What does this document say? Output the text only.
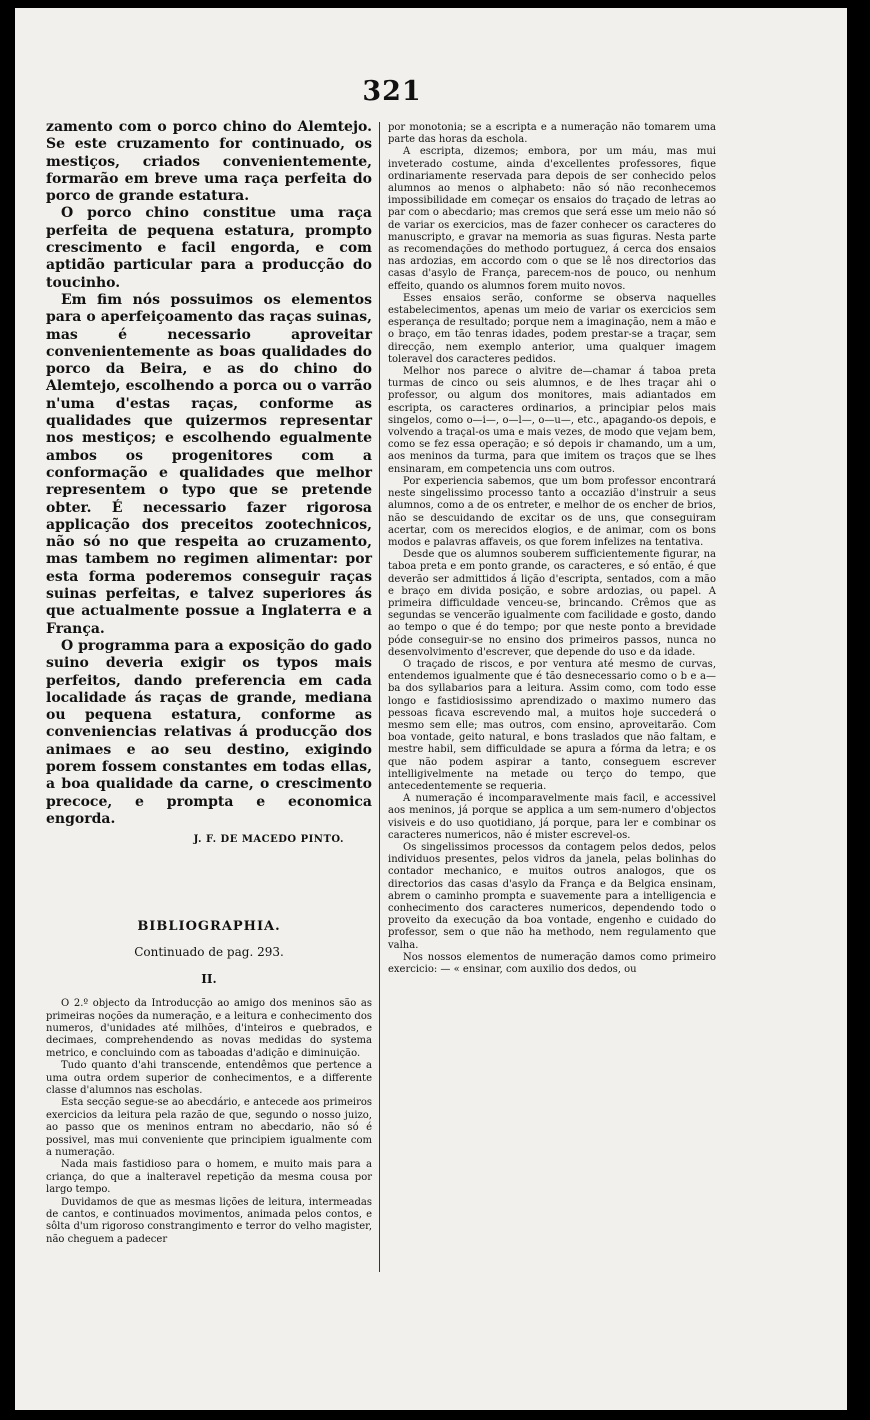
321

zamento com o porco chino do Alemtejo. Se este cruzamento for continuado, os mestiços, criados convenientemente, formarão em breve uma raça perfeita do porco de grande estatura.

O porco chino constitue uma raça perfeita de pequena estatura, prompto crescimento e facil engorda, e com aptidão particular para a producção do toucinho.

Em fim nós possuimos os elementos para o aperfeiçoamento das raças suinas, mas é necessario aproveitar convenientemente as boas qualidades do porco da Beira, e as do chino do Alemtejo, escolhendo a porca ou o varrão n'uma d'estas raças, conforme as qualidades que quizermos representar nos mestiços; e escolhendo egualmente ambos os progenitores com a conformação e qualidades que melhor representem o typo que se pretende obter. É necessario fazer rigorosa applicação dos preceitos zootechnicos, não só no que respeita ao cruzamento, mas tambem no regimen alimentar: por esta forma poderemos conseguir raças suinas perfeitas, e talvez superiores ás que actualmente possue a Inglaterra e a França.

O programma para a exposição do gado suino deveria exigir os typos mais perfeitos, dando preferencia em cada localidade ás raças de grande, mediana ou pequena estatura, conforme as conveniencias relativas á producção dos animaes e ao seu destino, exigindo porem fossem constantes em todas ellas, a boa qualidade da carne, o crescimento precoce, e prompta e economica engorda.

J. F. DE MACEDO PINTO.
BIBLIOGRAPHIA.
Continuado de pag. 293.
II.

O 2.º objecto da Introducção ao amigo dos meninos são as primeiras noções da numeração, e a leitura e conhecimento dos numeros, d'unidades até milhões, d'inteiros e quebrados, e decimaes, comprehendendo as novas medidas do systema metrico, e concluindo com as taboadas d'adição e diminuição.

Tudo quanto d'ahi transcende, entendêmos que pertence a uma outra ordem superior de conhecimentos, e a differente classe d'alumnos nas escholas.

Esta secção segue-se ao abecdário, e antecede aos primeiros exercicios da leitura pela razão de que, segundo o nosso juizo, ao passo que os meninos entram no abecdario, não só é possivel, mas mui conveniente que principiem igualmente com a numeração.

Nada mais fastidioso para o homem, e muito mais para a criança, do que a inalteravel repetição da mesma cousa por largo tempo.

Duvidamos de que as mesmas lições de leitura, intermeadas de cantos, e continuados movimentos, animada pelos contos, e sôlta d'um rigoroso constrangimento e terror do velho magister, não cheguem a padecer

por monotonia; se a escripta e a numeração não tomarem uma parte das horas da eschola.

A escripta, dizemos; embora, por um máu, mas mui inveterado costume, ainda d'excellentes professores, fique ordinariamente reservada para depois de ser conhecido pelos alumnos ao menos o alphabeto: não só não reconhecemos impossibilidade em começar os ensaios do traçado de letras ao par com o abecdario; mas cremos que será esse um meio não só de variar os exercicios, mas de fazer conhecer os caracteres do manuscripto, e gravar na memoria as suas figuras. Nesta parte as recomendações do methodo portuguez, á cerca dos ensaios nas ardozias, em accordo com o que se lê nos directorios das casas d'asylo de França, parecem-nos de pouco, ou nenhum effeito, quando os alumnos forem muito novos.

Esses ensaios serão, conforme se observa naquelles estabelecimentos, apenas um meio de variar os exercicios sem esperança de resultado; porque nem a imaginação, nem a mão e o braço, em tão tenras idades, podem prestar-se a traçar, sem direcção, nem exemplo anterior, uma qualquer imagem toleravel dos caracteres pedidos.

Melhor nos parece o alvitre de—chamar á taboa preta turmas de cinco ou seis alumnos, e de lhes traçar ahi o professor, ou algum dos monitores, mais adiantados em escripta, os caracteres ordinarios, a principiar pelos mais singelos, como o—i—, o—l—, o—u—, etc., apagando-os depois, e volvendo a traçal-os uma e mais vezes, de modo que vejam bem, como se fez essa operação; e só depois ir chamando, um a um, aos meninos da turma, para que imitem os traços que se lhes ensinaram, em competencia uns com outros.

Por experiencia sabemos, que um bom professor encontrará neste singelissimo processo tanto a occazião d'instruir a seus alumnos, como a de os entreter, e melhor de os encher de brios, não se descuidando de excitar os de uns, que conseguiram acertar, com os merecidos elogios, e de animar, com os bons modos e palavras affaveis, os que forem infelizes na tentativa.

Desde que os alumnos souberem sufficientemente figurar, na taboa preta e em ponto grande, os caracteres, e só então, é que deverão ser admittidos á lição d'escripta, sentados, com a mão e braço em divida posição, e sobre ardozias, ou papel. A primeira difficuldade venceu-se, brincando. Crêmos que as segundas se vencerão igualmente com facilidade e gosto, dando ao tempo o que é do tempo; por que neste ponto a brevidade póde conseguir-se no ensino dos primeiros passos, nunca no desenvolvimento d'escrever, que depende do uso e da idade.

O traçado de riscos, e por ventura até mesmo de curvas, entendemos igualmente que é tão desnecessario como o b e a—ba dos syllabarios para a leitura. Assim como, com todo esse longo e fastidiosissimo aprendizado o maximo numero das pessoas ficava escrevendo mal, a muitos hoje succederá o mesmo sem elle; mas outros, com ensino, aproveitarão. Com boa vontade, geito natural, e bons traslados que não faltam, e mestre habil, sem difficuldade se apura a fórma da letra; e os que não podem aspirar a tanto, conseguem escrever intelligivelmente na metade ou terço do tempo, que antecedentemente se requeria.

A numeração é incomparavelmente mais facil, e accessivel aos meninos, já porque se applica a um sem-numero d'objectos visiveis e do uso quotidiano, já porque, para ler e combinar os caracteres numericos, não é mister escrevel-os.

Os singelissimos processos da contagem pelos dedos, pelos individuos presentes, pelos vidros da janela, pelas bolinhas do contador mechanico, e muitos outros analogos, que os directorios das casas d'asylo da França e da Belgica ensinam, abrem o caminho prompta e suavemente para a intelligencia e conhecimento dos caracteres numericos, dependendo todo o proveito da execução da boa vontade, engenho e cuidado do professor, sem o que não ha methodo, nem regulamento que valha.

Nos nossos elementos de numeração damos como primeiro exercicio: — « ensinar, com auxilio dos dedos, ou
